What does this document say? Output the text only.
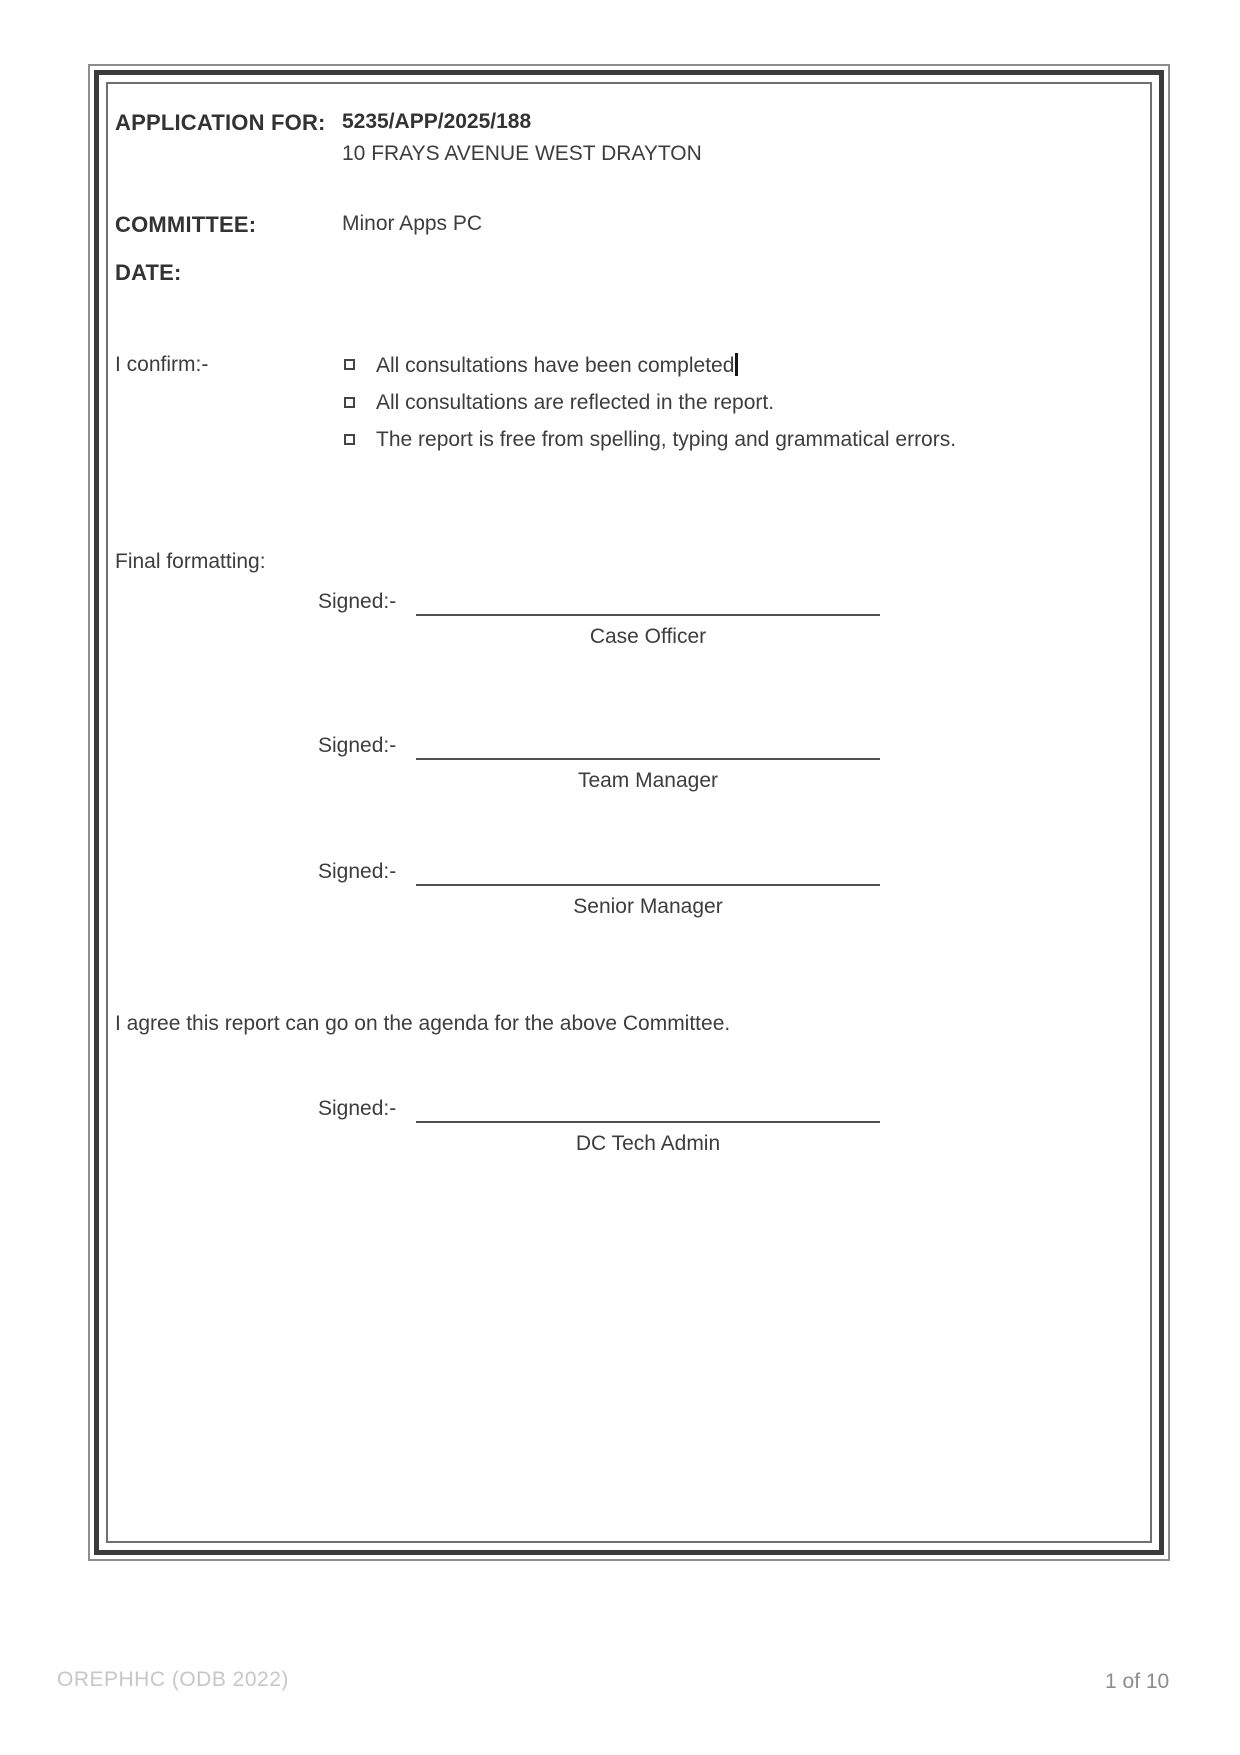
APPLICATION FOR: 5235/APP/2025/188
10 FRAYS AVENUE WEST DRAYTON
COMMITTEE:	Minor Apps PC
DATE:
I confirm:-	All consultations have been completed
All consultations are reflected in the report.
The report is free from spelling, typing and grammatical errors.
Final formatting:
Signed:-
Case Officer
Signed:-
Team Manager
Signed:-
Senior Manager
I agree this report can go on the agenda for the above Committee.
Signed:-
DC Tech Admin
OREPHHC (ODB 2022)	1 of 10
